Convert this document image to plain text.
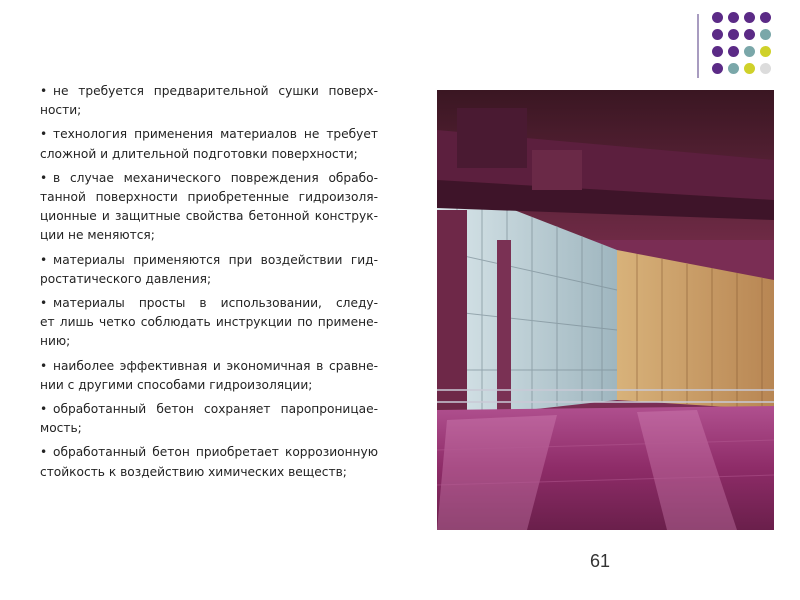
• не требуется предварительной сушки поверх-
ности;
• технология применения материалов не требует
сложной и длительной подготовки поверхности;
• в случае механического повреждения обрабо-
танной поверхности приобретенные гидроизоля-
ционные и защитные свойства бетонной конструк-
ции не меняются;
• материалы применяются при воздействии гид-
ростатического давления;
• материалы просты в использовании, следу-
ет лишь четко соблюдать инструкции по примене-
нию;
• наиболее эффективная и экономичная в сравне-
нии с другими способами гидроизоляции;
• обработанный бетон сохраняет паропроницае-
мость;
• обработанный бетон приобретает коррозионную
стойкость к воздействию химических веществ;
61
